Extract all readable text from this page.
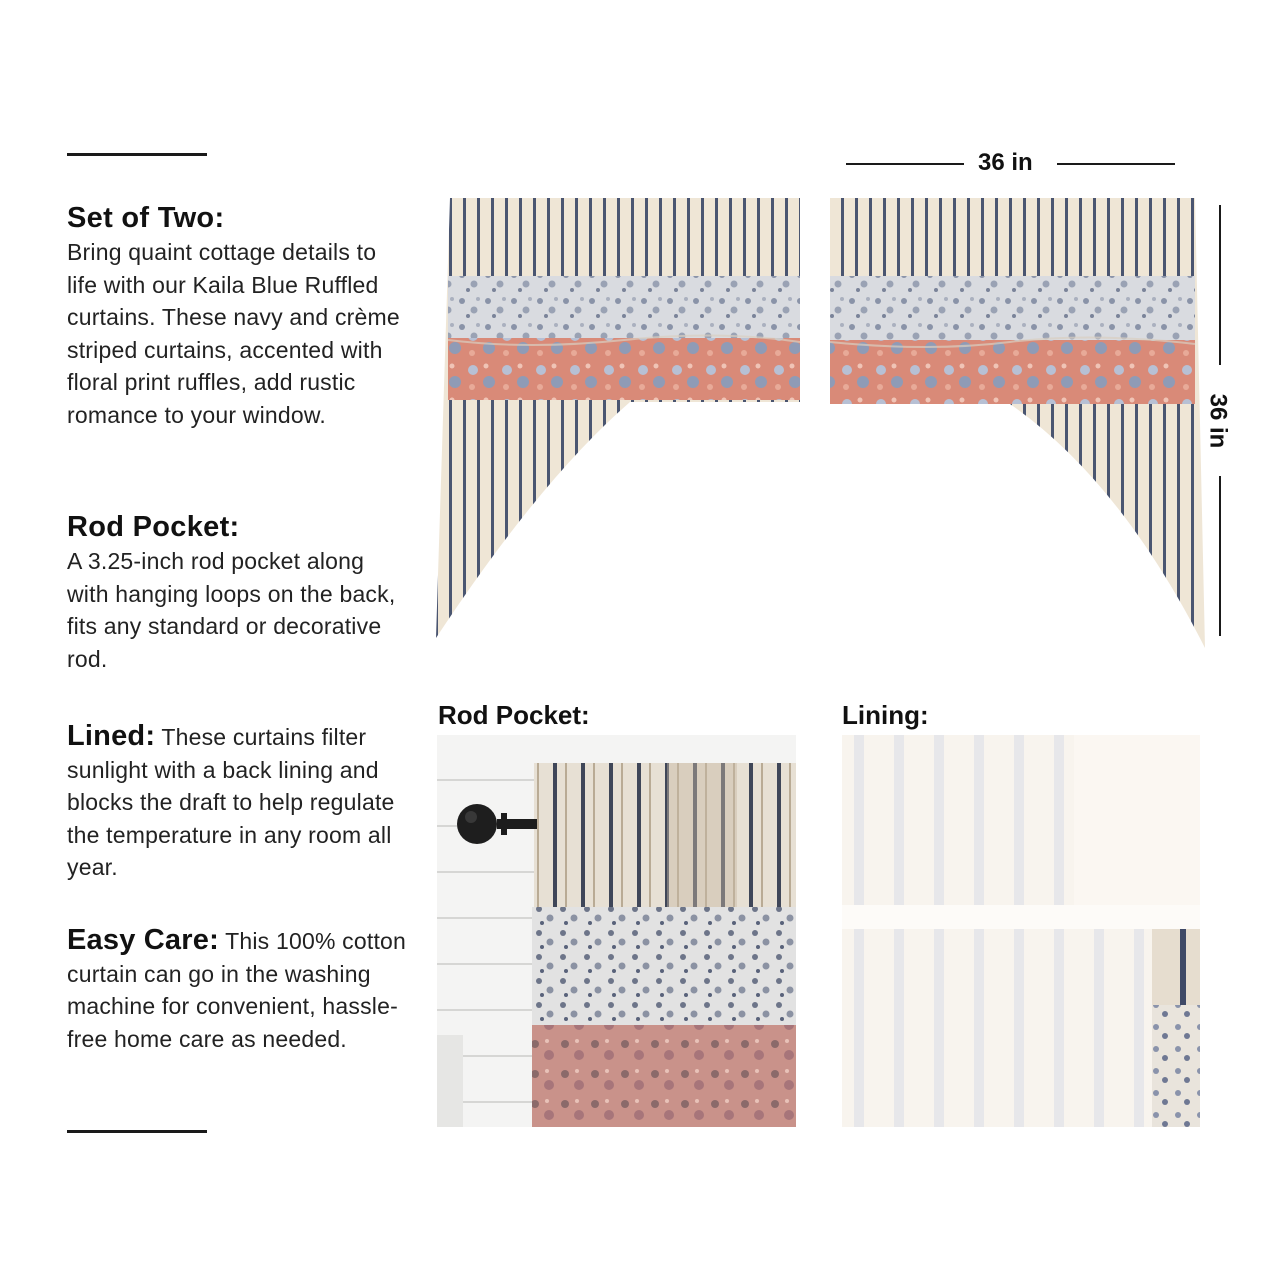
Set of Two:
Bring quaint cottage details to life with our Kaila Blue Ruffled curtains. These navy and crème striped curtains, accented with floral print ruffles, add rustic romance to your window.
Rod Pocket:
A 3.25-inch rod pocket along with hanging loops on the back, fits any standard or decorative rod.
Lined: These curtains filter sunlight with a back lining and blocks the draft to help regulate the temperature in any room all year.
Easy Care: This 100% cotton curtain can go in the washing machine for convenient, hassle-free home care as needed.
36 in
36 in
Rod Pocket:	Lining:
